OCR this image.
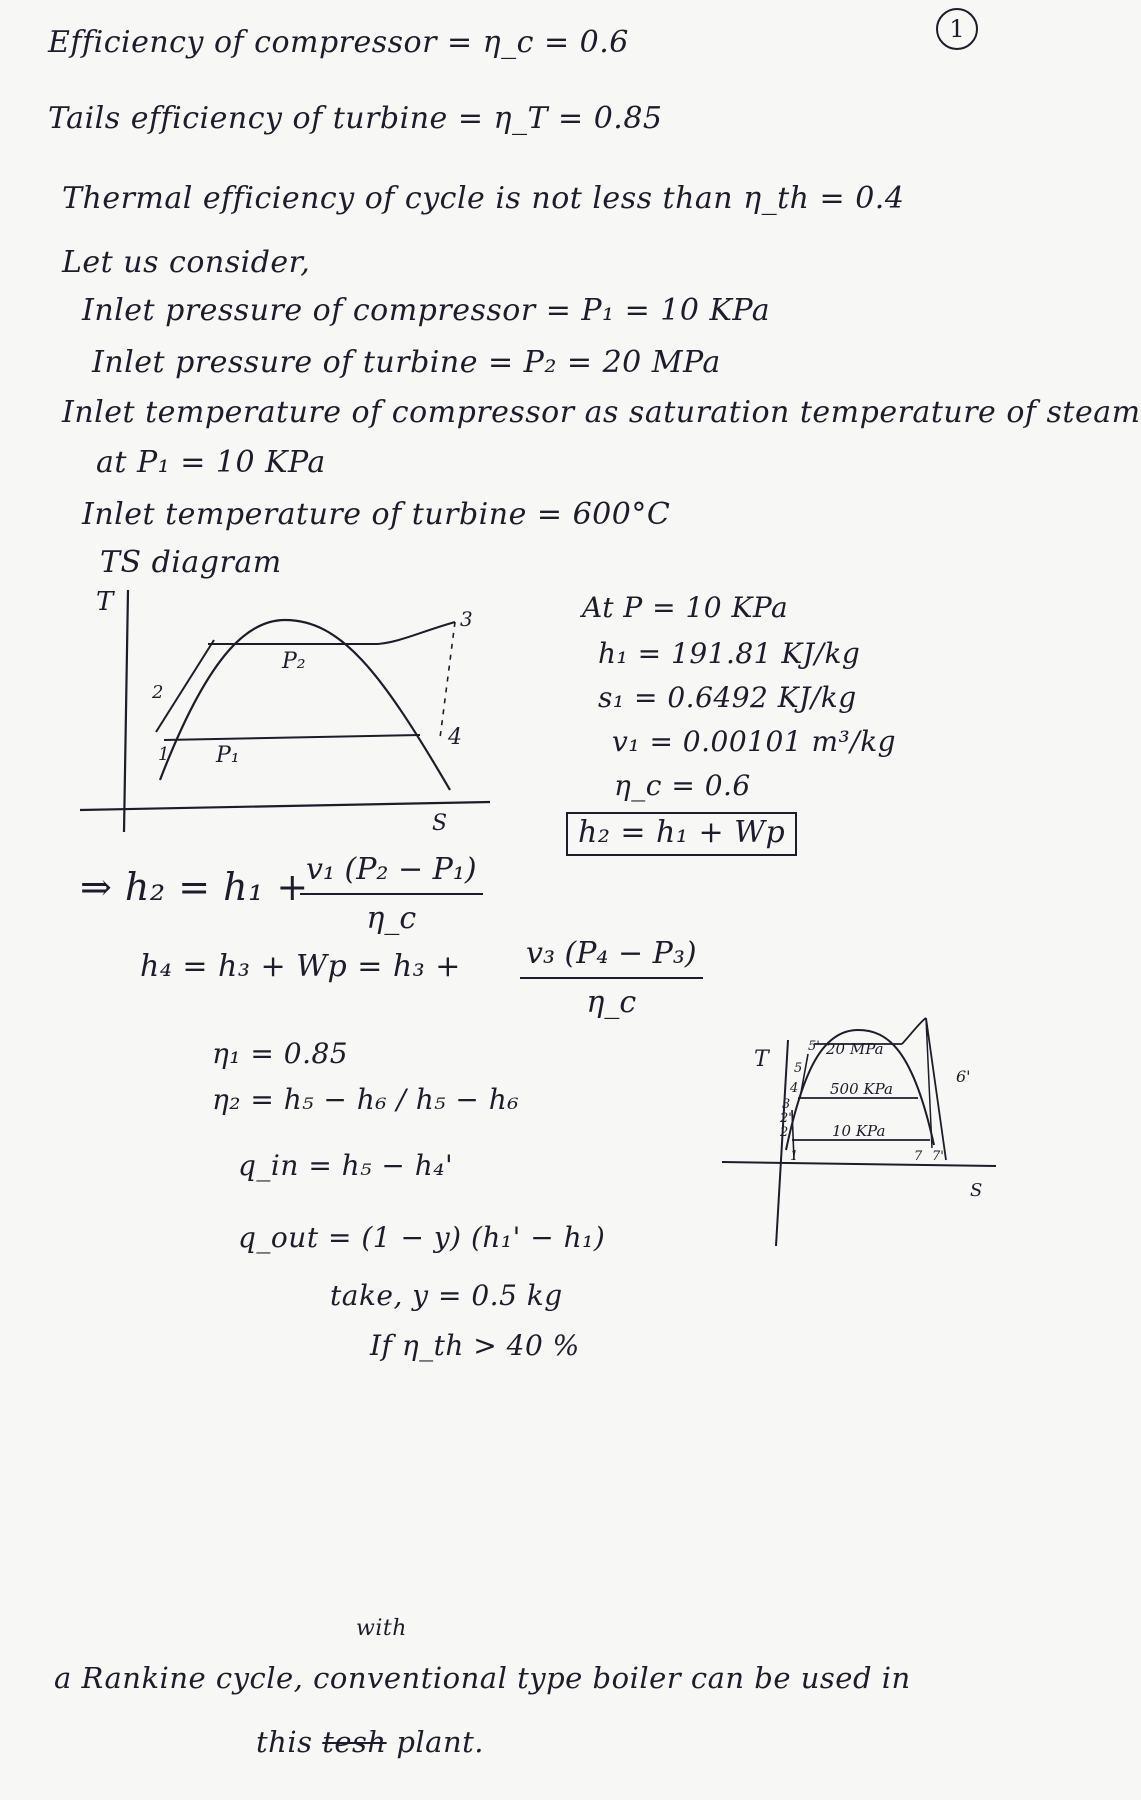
1
Efficiency of compressor = η_c = 0.6
Tails efficiency of turbine = η_T = 0.85
Thermal efficiency of cycle is not less than η_th = 0.4
Let us consider,
Inlet pressure of compressor = P₁ = 10 KPa
Inlet pressure of turbine = P₂ = 20 MPa
Inlet temperature of compressor as saturation temperature of steam
at P₁ = 10 KPa
Inlet temperature of turbine = 600°C
TS diagram
T
S
3
2
1
4
P₂
P₁
At P = 10 KPa
h₁ = 191.81 KJ/kg
s₁ = 0.6492 KJ/kg
v₁ = 0.00101 m³/kg
η_c = 0.6
h₂ = h₁ + Wp
⇒ h₂ = h₁ +
$\frac{\text{v₁ (P₂ − P₁)}}{\eta\_c}$
$h_4 = h_3 + Wp = h_3 + \frac{\text{v₃ (P₄ − P₃)}}{\eta\_c}$
η₁ = 0.85
η₂ = h₅ − h₆ / h₅ − h₆
q_in = h₅ − h₄'
q_out = (1 − y) (h₁' − h₁)
take, y = 0.5 kg
If η_th > 40 %
T
S
20 MPa
500 KPa
10 KPa
5'
5
4
3
2'
2
1
6'
7 7'
with
a Rankine cycle, conventional type boiler can be used in
this tesh plant.
